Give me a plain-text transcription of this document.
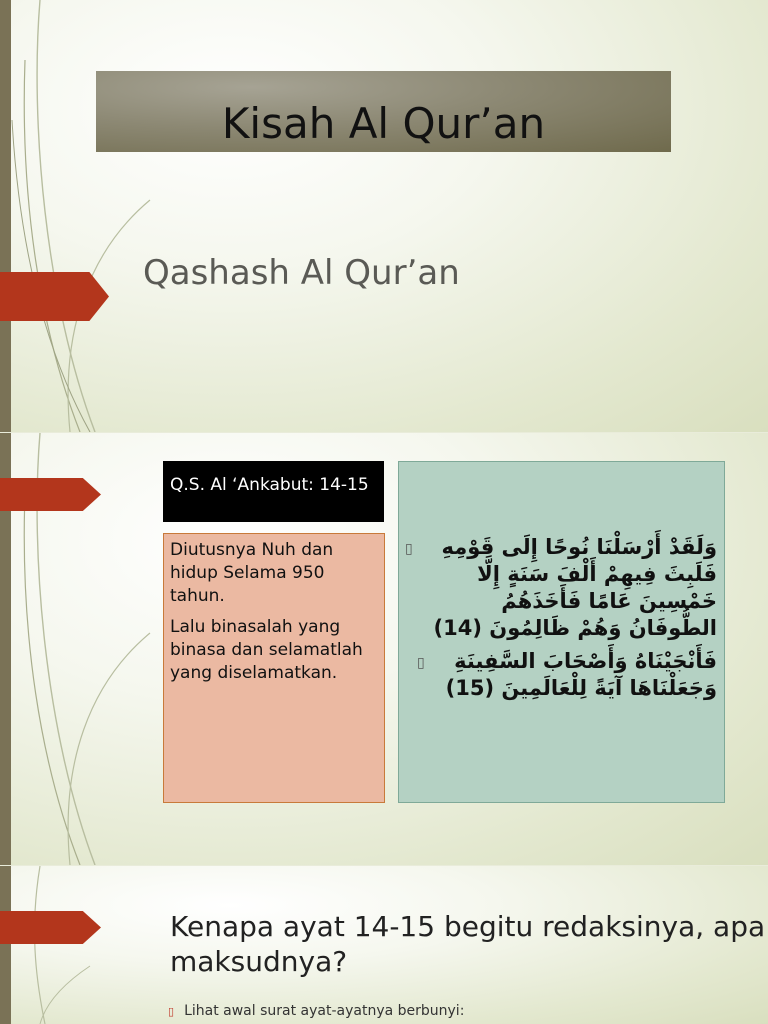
Kisah Al Qur’an
Qashash Al Qur’an
Q.S. Al ‘Ankabut: 14-15

Diutusnya Nuh dan hidup Selama 950 tahun.

Lalu binasalah yang binasa dan selamatlah yang diselamatkan.

▯ وَلَقَدْ أَرْسَلْنَا نُوحًا إِلَى قَوْمِهِ فَلَبِثَ فِيهِمْ أَلْفَ سَنَةٍ إِلَّا خَمْسِينَ عَامًا فَأَخَذَهُمُ الطُّوفَانُ وَهُمْ ظَالِمُونَ (14)

▯ فَأَنْجَيْنَاهُ وَأَصْحَابَ السَّفِينَةِ وَجَعَلْنَاهَا آيَةً لِلْعَالَمِينَ (15)

Kenapa ayat 14-15 begitu redaksinya, apa maksudnya?
▯ Lihat awal surat ayat-ayatnya berbunyi:
